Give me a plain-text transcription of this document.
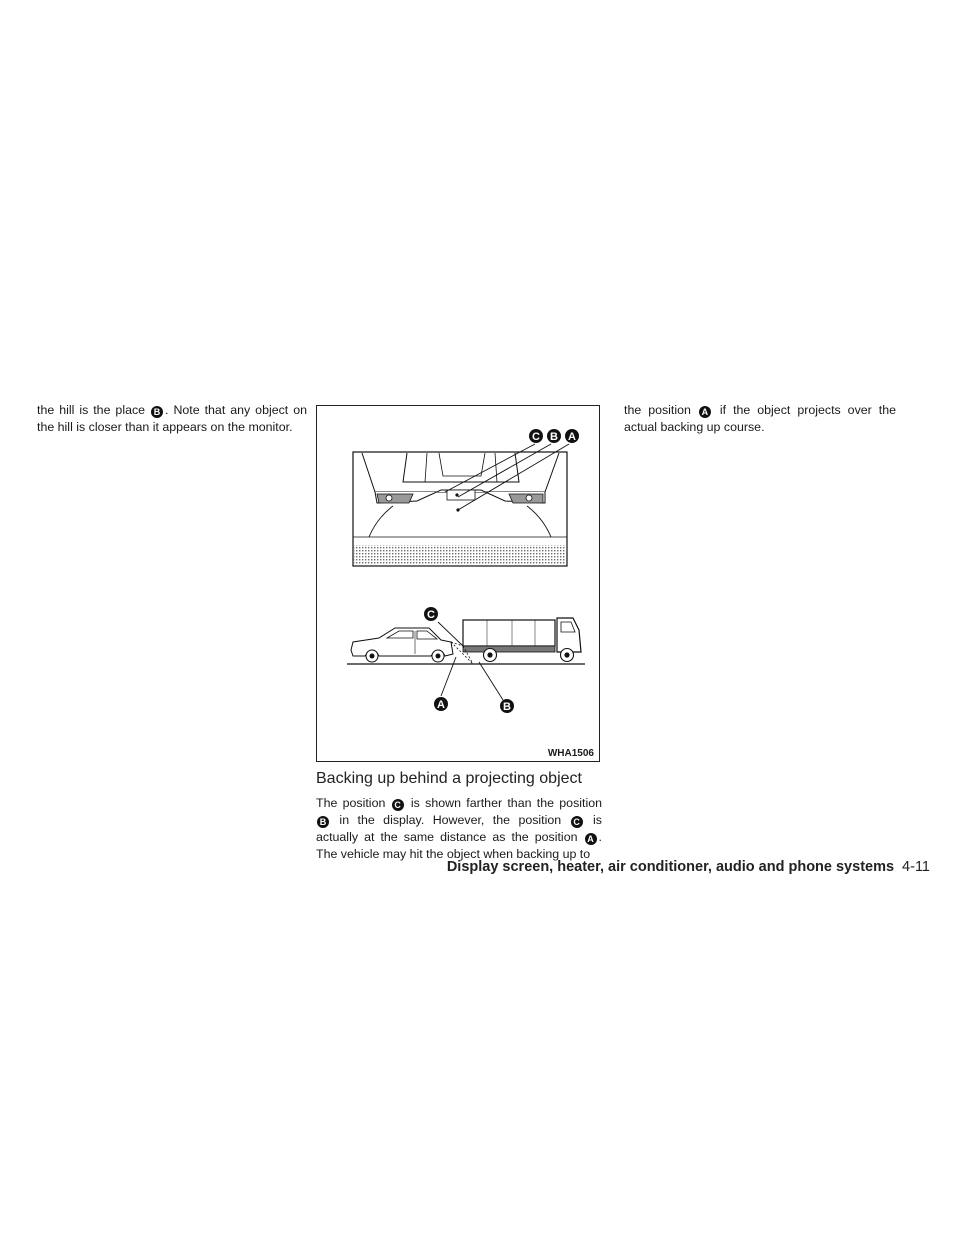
the hill is the place B . Note that any object on the hill is closer than it appears on the monitor.

C B A
C
A	B
WHA1506
Backing up behind a projecting object

The position C is shown farther than the position B in the display. However, the position C is actually at the same distance as the position A . The vehicle may hit the object when backing up to

the position A if the object projects over the actual backing up course.

Display screen, heater, air conditioner, audio and phone systems 4-11
